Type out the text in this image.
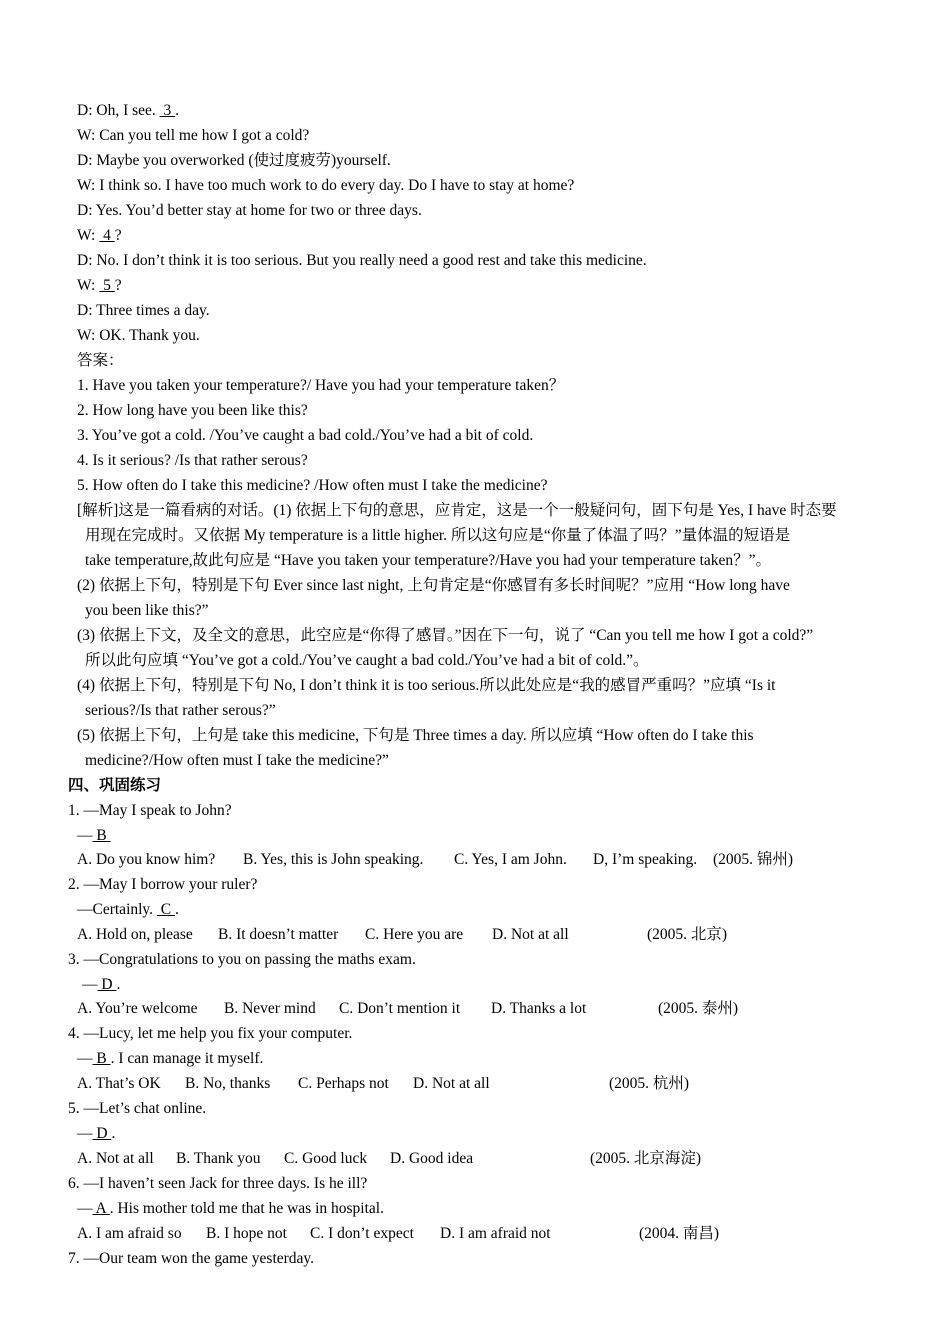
D: Oh, I see.  3 .
W: Can you tell me how I got a cold?
D: Maybe you overworked (使过度疲劳)yourself.
W: I think so. I have too much work to do every day. Do I have to stay at home?
D: Yes. You’d better stay at home for two or three days.
W:  4 ?
D: No. I don’t think it is too serious. But you really need a good rest and take this medicine.
W:  5 ?
D: Three times a day.
W: OK. Thank you.
答案：
1. Have you taken your temperature?/ Have you had your temperature taken？
2. How long have you been like this?
3. You’ve got a cold. /You’ve caught a bad cold./You’ve had a bit of cold.
4. Is it serious? /Is that rather serous?
5. How often do I take this medicine? /How often must I take the medicine?
[解析]这是一篇看病的对话。(1) 依据上下句的意思，应肯定，这是一个一般疑问句，固下句是 Yes, I have 时态要
用现在完成时。又依据 My temperature is a little higher. 所以这句应是“你量了体温了吗？”量体温的短语是
take temperature,故此句应是 “Have you taken your temperature?/Have you had your temperature taken？”。
(2) 依据上下句，特别是下句 Ever since last night, 上句肯定是“你感冒有多长时间呢？”应用 “How long have
you been like this?”
(3) 依据上下文，及全文的意思，此空应是“你得了感冒。”因在下一句，说了 “Can you tell me how I got a cold?”
所以此句应填 “You’ve got a cold./You’ve caught a bad cold./You’ve had a bit of cold.”。
(4) 依据上下句，特别是下句 No, I don’t think it is too serious.所以此处应是“我的感冒严重吗？”应填 “Is it
serious?/Is that rather serous?”
(5) 依据上下句，上句是 take this medicine, 下句是 Three times a day. 所以应填 “How often do I take this
medicine?/How often must I take the medicine?”
四、巩固练习
1. —May I speak to John?
— B
A. Do you know him? B. Yes, this is John speaking. C. Yes, I am John. D, I’m speaking. (2005. 锦州)
2. —May I borrow your ruler?
—Certainly.  C .
A. Hold on, please B. It doesn’t matter C. Here you are D. Not at all	(2005. 北京)
3. —Congratulations to you on passing the maths exam.
— D .
A. You’re welcome B. Never mind C. Don’t mention it D. Thanks a lot	(2005. 泰州)
4. —Lucy, let me help you fix your computer.
— B . I can manage it myself.
A. That’s OK B. No, thanks C. Perhaps not D. Not at all	(2005. 杭州)
5. —Let’s chat online.
— D .
A. Not at all B. Thank you C. Good luck D. Good idea	(2005. 北京海淀)
6. —I haven’t seen Jack for three days. Is he ill?
— A . His mother told me that he was in hospital.
A. I am afraid so B. I hope not C. I don’t expect D. I am afraid not	(2004. 南昌)
7. —Our team won the game yesterday.
